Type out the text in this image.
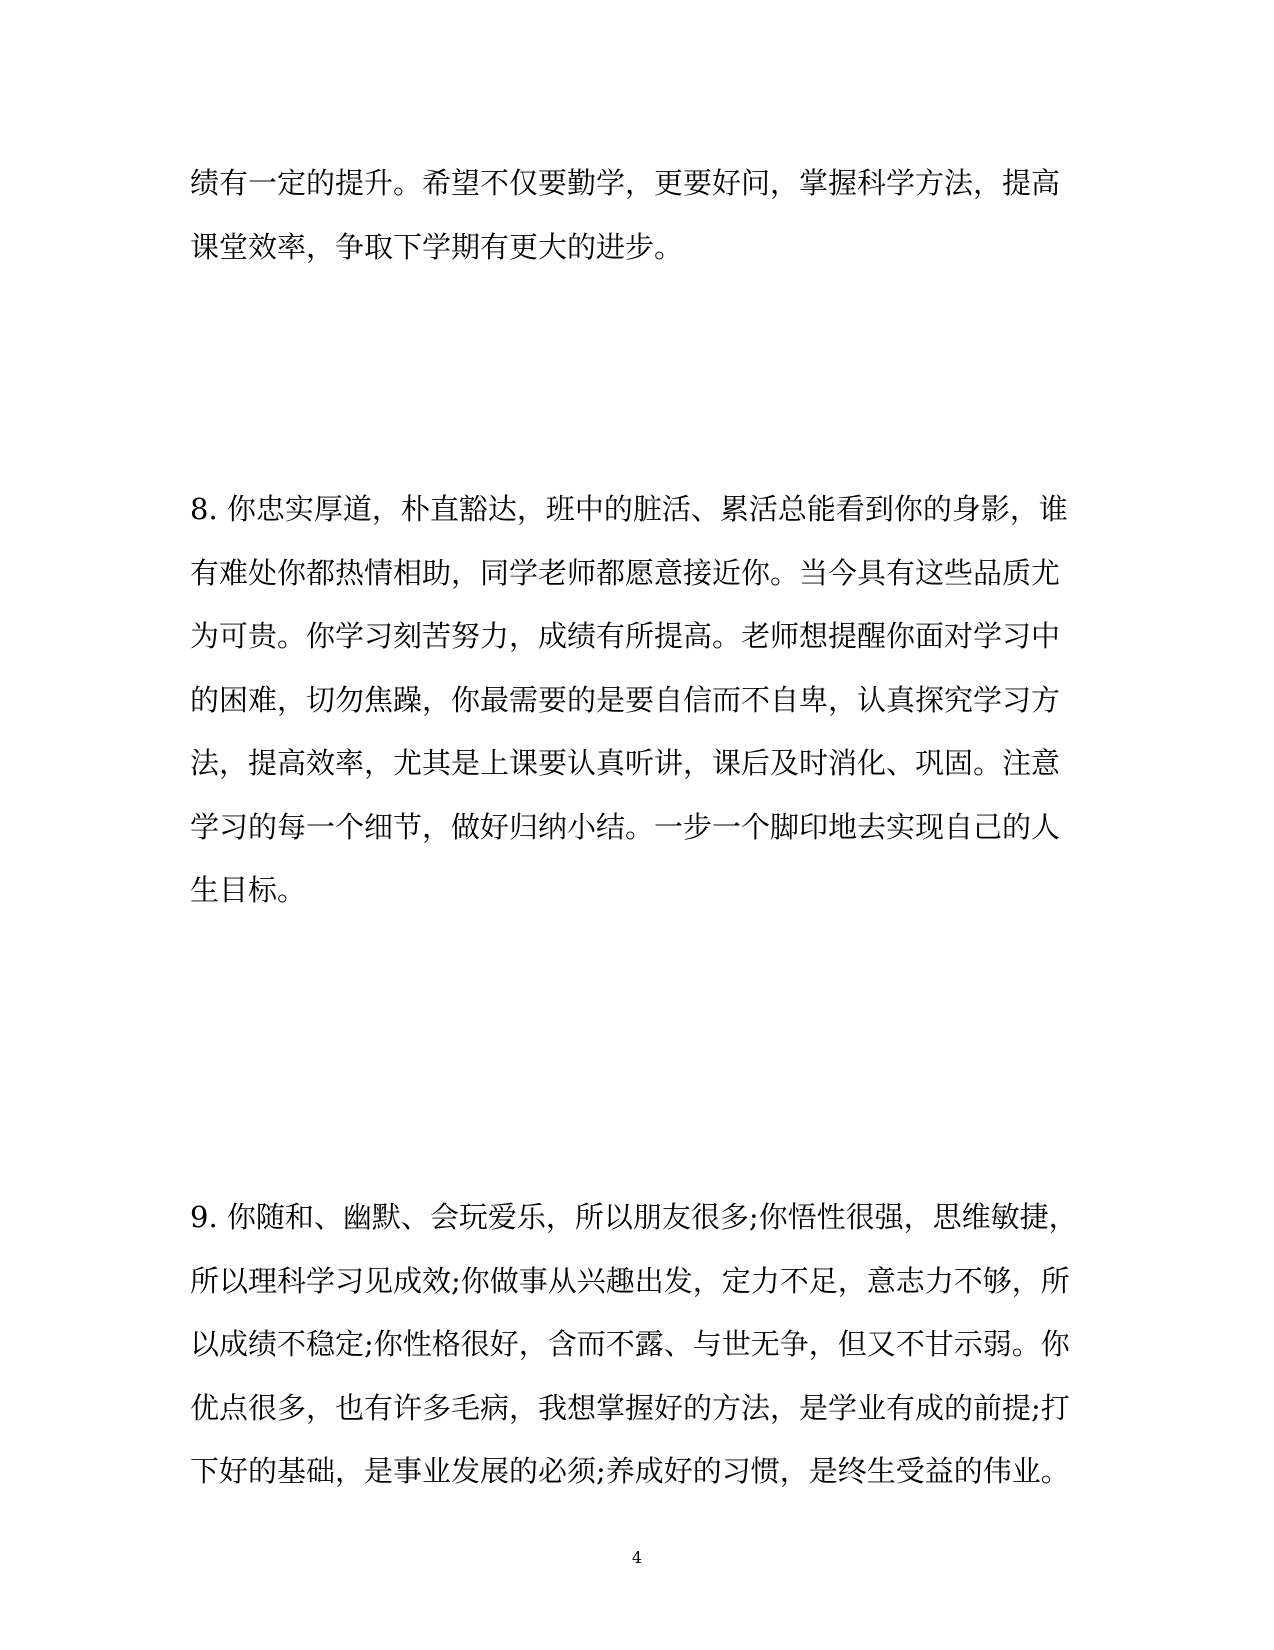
绩有一定的提升。希望不仅要勤学，更要好问，掌握科学方法，提高
课堂效率，争取下学期有更大的进步。
8. 你忠实厚道，朴直豁达，班中的脏活、累活总能看到你的身影，谁
有难处你都热情相助，同学老师都愿意接近你。当今具有这些品质尤
为可贵。你学习刻苦努力，成绩有所提高。老师想提醒你面对学习中
的困难，切勿焦躁，你最需要的是要自信而不自卑，认真探究学习方
法，提高效率，尤其是上课要认真听讲，课后及时消化、巩固。注意
学习的每一个细节，做好归纳小结。一步一个脚印地去实现自己的人
生目标。
9. 你随和、幽默、会玩爱乐，所以朋友很多;你悟性很强，思维敏捷，
所以理科学习见成效;你做事从兴趣出发，定力不足，意志力不够，所
以成绩不稳定;你性格很好，含而不露、与世无争，但又不甘示弱。你
优点很多，也有许多毛病，我想掌握好的方法，是学业有成的前提;打
下好的基础，是事业发展的必须;养成好的习惯，是终生受益的伟业。
4
